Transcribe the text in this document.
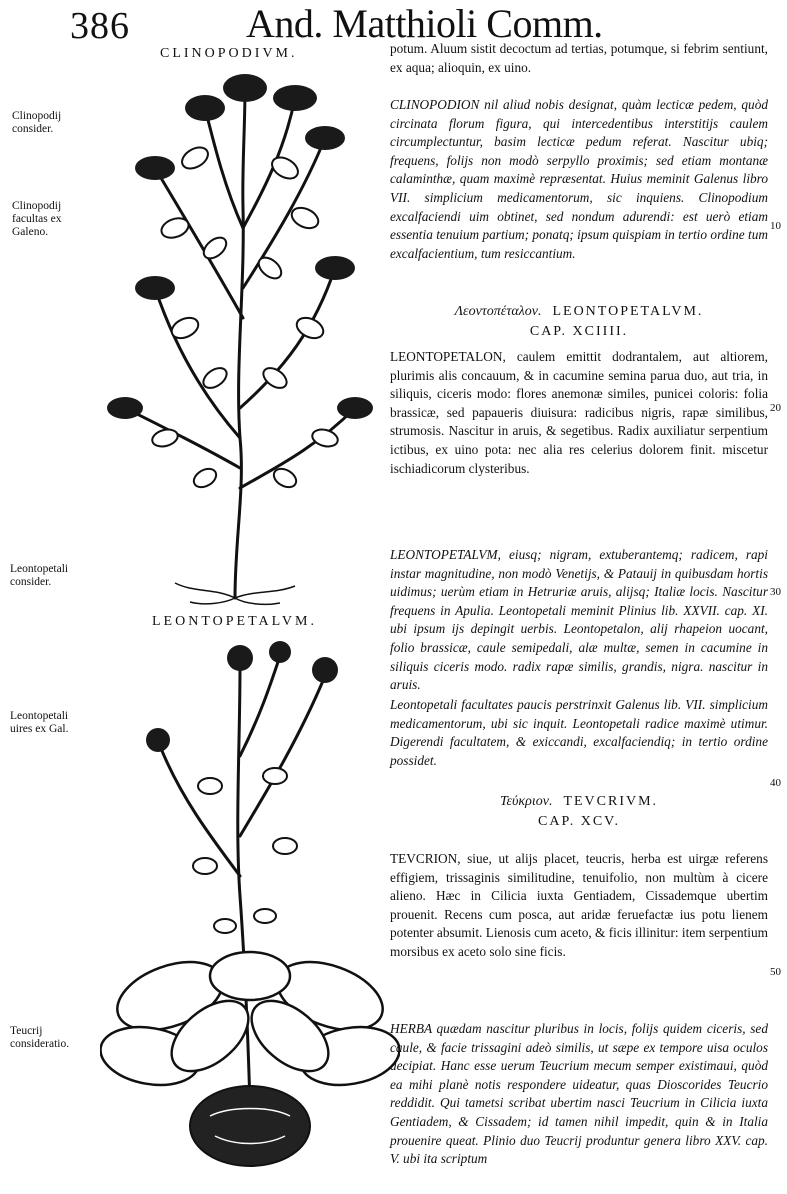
386	And. Matthioli Comm.
CLINOPODIVM.
LEONTOPETALVM.
Clinopodij consider.
Clinopodij facultas ex Galeno.
Leontopetali consider.
Leontopetali uires ex Gal.
Teucrij consideratio.
10
20
30
40
50
potum. Aluum sistit decoctum ad tertias, potumque, si febrim sentiunt, ex aqua; alioquin, ex uino.
CLINOPODION nil aliud nobis designat, quàm lecticæ pedem, quòd circinata florum figura, qui intercedentibus interstitijs caulem circumplectuntur, basim lecticæ pedum referat. Nascitur ubiq; frequens, folijs non modò serpyllo proximis; sed etiam montanæ calaminthæ, quam maximè repræsentat. Huius meminit Galenus libro VII. simplicium medicamentorum, sic inquiens. Clinopodium excalfaciendi uim obtinet, sed nondum adurendi: est uerò etiam essentia tenuium partium; ponatq; ipsum quispiam in tertio ordine tum excalfacientium, tum resiccantium.
Λεοντοπέταλον. LEONTOPETALVM.
CAP. XCIIII.
LEONTOPETALON, caulem emittit dodrantalem, aut altiorem, plurimis alis concauum, & in cacumine semina parua duo, aut tria, in siliquis, ciceris modo: flores anemonæ similes, punicei coloris: folia brassicæ, sed papaueris diuisura: radicibus nigris, rapæ similibus, strumosis. Nascitur in aruis, & segetibus. Radix auxiliatur serpentium ictibus, ex uino pota: nec alia res celerius dolorem finit. miscetur ischiadicorum clysteribus.
LEONTOPETALVM, eiusq; nigram, extuberantemq; radicem, rapi instar magnitudine, non modò Venetijs, & Patauij in quibusdam hortis uidimus; uerùm etiam in Hetruriæ aruis, alijsq; Italiæ locis. Nascitur frequens in Apulia. Leontopetali meminit Plinius lib. XXVII. cap. XI. ubi ipsum ijs depingit uerbis. Leontopetalon, alij rhapeion uocant, folio brassicæ, caule semipedali, alæ multæ, semen in cacumine in siliquis ciceris modo. radix rapæ similis, grandis, nigra. nascitur in aruis.
Leontopetali facultates paucis perstrinxit Galenus lib. VII. simplicium medicamentorum, ubi sic inquit. Leontopetali radice maximè utimur. Digerendi facultatem, & exiccandi, excalfaciendiq; in tertio ordine possidet.
Τεύκριον. TEVCRIVM.
CAP. XCV.
TEVCRION, siue, ut alijs placet, teucris, herba est uirgæ referens effigiem, trissaginis similitudine, tenuifolio, non multùm à cicere alieno. Hæc in Cilicia iuxta Gentiadem, Cissademque ubertim prouenit. Recens cum posca, aut aridæ feruefactæ ius potu lienem potenter absumit. Lienosis cum aceto, & ficis illinitur: item serpentium morsibus ex aceto solo sine ficis.
HERBA quædam nascitur pluribus in locis, folijs quidem ciceris, sed caule, & facie trissagini adeò similis, ut sæpe ex tempore uisa oculos decipiat. Hanc esse uerum Teucrium mecum semper existimaui, quòd ea mihi planè notis respondere uideatur, quas Dioscorides Teucrio reddidit. Qui tametsi scribat ubertim nasci Teucrium in Cilicia iuxta Gentiadem, & Cissadem; id tamen nihil impedit, quin & in Italia prouenire queat. Plinio duo Teucrij produntur genera libro XXV. cap. V. ubi ita scriptum
